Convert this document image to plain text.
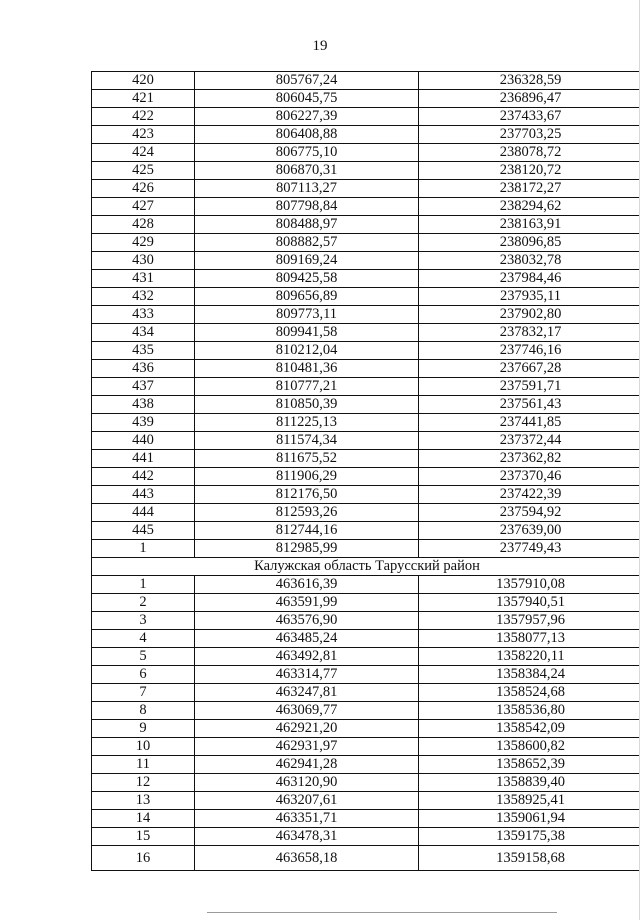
19
420	805767,24	236328,59
421	806045,75	236896,47
422	806227,39	237433,67
423	806408,88	237703,25
424	806775,10	238078,72
425	806870,31	238120,72
426	807113,27	238172,27
427	807798,84	238294,62
428	808488,97	238163,91
429	808882,57	238096,85
430	809169,24	238032,78
431	809425,58	237984,46
432	809656,89	237935,11
433	809773,11	237902,80
434	809941,58	237832,17
435	810212,04	237746,16
436	810481,36	237667,28
437	810777,21	237591,71
438	810850,39	237561,43
439	811225,13	237441,85
440	811574,34	237372,44
441	811675,52	237362,82
442	811906,29	237370,46
443	812176,50	237422,39
444	812593,26	237594,92
445	812744,16	237639,00
1	812985,99	237749,43
Калужская область Тарусский район		
1	463616,39	1357910,08
2	463591,99	1357940,51
3	463576,90	1357957,96
4	463485,24	1358077,13
5	463492,81	1358220,11
6	463314,77	1358384,24
7	463247,81	1358524,68
8	463069,77	1358536,80
9	462921,20	1358542,09
10	462931,97	1358600,82
11	462941,28	1358652,39
12	463120,90	1358839,40
13	463207,61	1358925,41
14	463351,71	1359061,94
15	463478,31	1359175,38
16	463658,18	1359158,68
